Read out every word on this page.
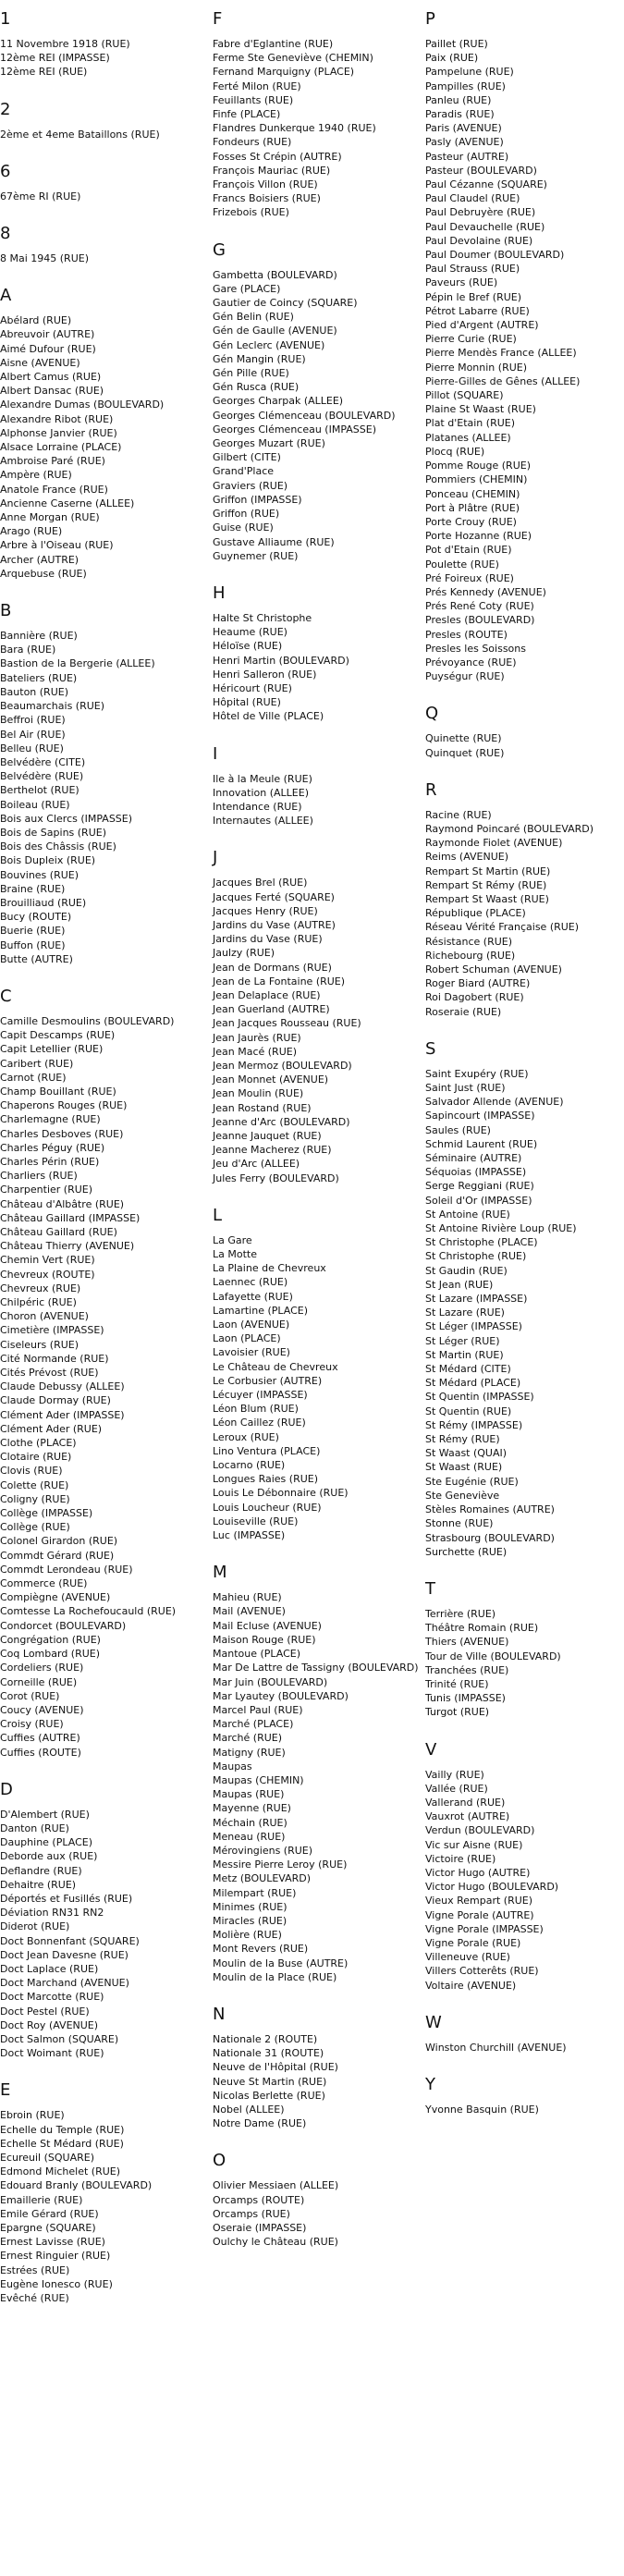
1
11 Novembre 1918 (RUE)
12ème REI (IMPASSE)
12ème REI (RUE)
2
2ème et 4eme Bataillons (RUE)
6
67ème RI (RUE)
8
8 Mai 1945 (RUE)
A
Abélard (RUE)
Abreuvoir (AUTRE)
Aimé Dufour (RUE)
Aisne (AVENUE)
Albert Camus (RUE)
Albert Dansac (RUE)
Alexandre Dumas (BOULEVARD)
Alexandre Ribot (RUE)
Alphonse Janvier (RUE)
Alsace Lorraine (PLACE)
Ambroise Paré (RUE)
Ampère (RUE)
Anatole France (RUE)
Ancienne Caserne (ALLEE)
Anne Morgan (RUE)
Arago (RUE)
Arbre à l'Oiseau (RUE)
Archer (AUTRE)
Arquebuse (RUE)
B
Bannière (RUE)
Bara (RUE)
Bastion de la Bergerie (ALLEE)
Bateliers (RUE)
Bauton (RUE)
Beaumarchais (RUE)
Beffroi (RUE)
Bel Air (RUE)
Belleu (RUE)
Belvédère (CITE)
Belvédère (RUE)
Berthelot (RUE)
Boileau (RUE)
Bois aux Clercs (IMPASSE)
Bois de Sapins (RUE)
Bois des Châssis (RUE)
Bois Dupleix (RUE)
Bouvines (RUE)
Braine (RUE)
Brouilliaud (RUE)
Bucy (ROUTE)
Buerie (RUE)
Buffon (RUE)
Butte (AUTRE)
C
Camille Desmoulins (BOULEVARD)
Capit Descamps (RUE)
Capit Letellier (RUE)
Caribert (RUE)
Carnot (RUE)
Champ Bouillant (RUE)
Chaperons Rouges (RUE)
Charlemagne (RUE)
Charles Desboves (RUE)
Charles Péguy (RUE)
Charles Périn (RUE)
Charliers (RUE)
Charpentier (RUE)
Château d'Albâtre (RUE)
Château Gaillard (IMPASSE)
Château Gaillard (RUE)
Château Thierry (AVENUE)
Chemin Vert (RUE)
Chevreux (ROUTE)
Chevreux (RUE)
Chilpéric (RUE)
Choron (AVENUE)
Cimetière (IMPASSE)
Ciseleurs (RUE)
Cité Normande (RUE)
Cités Prévost (RUE)
Claude Debussy (ALLEE)
Claude Dormay (RUE)
Clément Ader (IMPASSE)
Clément Ader (RUE)
Clothe (PLACE)
Clotaire (RUE)
Clovis (RUE)
Colette (RUE)
Coligny (RUE)
Collège (IMPASSE)
Collège (RUE)
Colonel Girardon (RUE)
Commdt Gérard (RUE)
Commdt Lerondeau (RUE)
Commerce (RUE)
Compiègne (AVENUE)
Comtesse La Rochefoucauld (RUE)
Condorcet (BOULEVARD)
Congrégation (RUE)
Coq Lombard (RUE)
Cordeliers (RUE)
Corneille (RUE)
Corot (RUE)
Coucy (AVENUE)
Croisy (RUE)
Cuffies (AUTRE)
Cuffies (ROUTE)
D
D'Alembert (RUE)
Danton (RUE)
Dauphine (PLACE)
Deborde aux (RUE)
Deflandre (RUE)
Dehaitre (RUE)
Déportés et Fusillés (RUE)
Déviation RN31 RN2
Diderot (RUE)
Doct Bonnenfant (SQUARE)
Doct Jean Davesne (RUE)
Doct Laplace (RUE)
Doct Marchand (AVENUE)
Doct Marcotte (RUE)
Doct Pestel (RUE)
Doct Roy (AVENUE)
Doct Salmon (SQUARE)
Doct Woimant (RUE)
E
Ebroin (RUE)
Echelle du Temple (RUE)
Echelle St Médard (RUE)
Ecureuil (SQUARE)
Edmond Michelet (RUE)
Edouard Branly (BOULEVARD)
Emaillerie (RUE)
Emile Gérard (RUE)
Epargne (SQUARE)
Ernest Lavisse (RUE)
Ernest Ringuier (RUE)
Estrées (RUE)
Eugène Ionesco (RUE)
Evêché (RUE)
F
Fabre d'Eglantine (RUE)
Ferme Ste Geneviève (CHEMIN)
Fernand Marquigny (PLACE)
Ferté Milon (RUE)
Feuillants (RUE)
Finfe (PLACE)
Flandres Dunkerque 1940 (RUE)
Fondeurs (RUE)
Fosses St Crépin (AUTRE)
François Mauriac (RUE)
François Villon (RUE)
Francs Boisiers (RUE)
Frizebois (RUE)
G
Gambetta (BOULEVARD)
Gare (PLACE)
Gautier de Coincy (SQUARE)
Gén Belin (RUE)
Gén de Gaulle (AVENUE)
Gén Leclerc (AVENUE)
Gén Mangin (RUE)
Gén Pille (RUE)
Gén Rusca (RUE)
Georges Charpak (ALLEE)
Georges Clémenceau (BOULEVARD)
Georges Clémenceau (IMPASSE)
Georges Muzart (RUE)
Gilbert (CITE)
Grand'Place
Graviers (RUE)
Griffon (IMPASSE)
Griffon (RUE)
Guise (RUE)
Gustave Alliaume (RUE)
Guynemer (RUE)
H
Halte St Christophe
Heaume (RUE)
Héloïse (RUE)
Henri Martin (BOULEVARD)
Henri Salleron (RUE)
Héricourt (RUE)
Hôpital (RUE)
Hôtel de Ville (PLACE)
I
Ile à la Meule (RUE)
Innovation (ALLEE)
Intendance (RUE)
Internautes (ALLEE)
J
Jacques Brel (RUE)
Jacques Ferté (SQUARE)
Jacques Henry (RUE)
Jardins du Vase (AUTRE)
Jardins du Vase (RUE)
Jaulzy (RUE)
Jean de Dormans (RUE)
Jean de La Fontaine (RUE)
Jean Delaplace (RUE)
Jean Guerland (AUTRE)
Jean Jacques Rousseau (RUE)
Jean Jaurès (RUE)
Jean Macé (RUE)
Jean Mermoz (BOULEVARD)
Jean Monnet (AVENUE)
Jean Moulin (RUE)
Jean Rostand (RUE)
Jeanne d'Arc (BOULEVARD)
Jeanne Jauquet (RUE)
Jeanne Macherez (RUE)
Jeu d'Arc (ALLEE)
Jules Ferry (BOULEVARD)
L
La Gare
La Motte
La Plaine de Chevreux
Laennec (RUE)
Lafayette (RUE)
Lamartine (PLACE)
Laon (AVENUE)
Laon (PLACE)
Lavoisier (RUE)
Le Château de Chevreux
Le Corbusier (AUTRE)
Lécuyer (IMPASSE)
Léon Blum (RUE)
Léon Caillez (RUE)
Leroux (RUE)
Lino Ventura (PLACE)
Locarno (RUE)
Longues Raies (RUE)
Louis Le Débonnaire (RUE)
Louis Loucheur (RUE)
Louiseville (RUE)
Luc (IMPASSE)
M
Mahieu (RUE)
Mail (AVENUE)
Mail Ecluse (AVENUE)
Maison Rouge (RUE)
Mantoue (PLACE)
Mar De Lattre de Tassigny (BOULEVARD)
Mar Juin (BOULEVARD)
Mar Lyautey (BOULEVARD)
Marcel Paul (RUE)
Marché (PLACE)
Marché (RUE)
Matigny (RUE)
Maupas
Maupas (CHEMIN)
Maupas (RUE)
Mayenne (RUE)
Méchain (RUE)
Meneau (RUE)
Mérovingiens (RUE)
Messire Pierre Leroy (RUE)
Metz (BOULEVARD)
Milempart (RUE)
Minimes (RUE)
Miracles (RUE)
Molière (RUE)
Mont Revers (RUE)
Moulin de la Buse (AUTRE)
Moulin de la Place (RUE)
N
Nationale 2 (ROUTE)
Nationale 31 (ROUTE)
Neuve de l'Hôpital (RUE)
Neuve St Martin (RUE)
Nicolas Berlette (RUE)
Nobel (ALLEE)
Notre Dame (RUE)
O
Olivier Messiaen (ALLEE)
Orcamps (ROUTE)
Orcamps (RUE)
Oseraie (IMPASSE)
Oulchy le Château (RUE)
P
Paillet (RUE)
Paix (RUE)
Pampelune (RUE)
Pampilles (RUE)
Panleu (RUE)
Paradis (RUE)
Paris (AVENUE)
Pasly (AVENUE)
Pasteur (AUTRE)
Pasteur (BOULEVARD)
Paul Cézanne (SQUARE)
Paul Claudel (RUE)
Paul Debruyère (RUE)
Paul Devauchelle (RUE)
Paul Devolaine (RUE)
Paul Doumer (BOULEVARD)
Paul Strauss (RUE)
Paveurs (RUE)
Pépin le Bref (RUE)
Pétrot Labarre (RUE)
Pied d'Argent (AUTRE)
Pierre Curie (RUE)
Pierre Mendès France (ALLEE)
Pierre Monnin (RUE)
Pierre-Gilles de Gênes (ALLEE)
Pillot (SQUARE)
Plaine St Waast (RUE)
Plat d'Etain (RUE)
Platanes (ALLEE)
Plocq (RUE)
Pomme Rouge (RUE)
Pommiers (CHEMIN)
Ponceau (CHEMIN)
Port à Plâtre (RUE)
Porte Crouy (RUE)
Porte Hozanne (RUE)
Pot d'Etain (RUE)
Poulette (RUE)
Pré Foireux (RUE)
Prés Kennedy (AVENUE)
Prés René Coty (RUE)
Presles (BOULEVARD)
Presles (ROUTE)
Presles les Soissons
Prévoyance (RUE)
Puységur (RUE)
Q
Quinette (RUE)
Quinquet (RUE)
R
Racine (RUE)
Raymond Poincaré (BOULEVARD)
Raymonde Fiolet (AVENUE)
Reims (AVENUE)
Rempart St Martin (RUE)
Rempart St Rémy (RUE)
Rempart St Waast (RUE)
République (PLACE)
Réseau Vérité Française (RUE)
Résistance (RUE)
Richebourg (RUE)
Robert Schuman (AVENUE)
Roger Biard (AUTRE)
Roi Dagobert (RUE)
Roseraie (RUE)
S
Saint Exupéry (RUE)
Saint Just (RUE)
Salvador Allende (AVENUE)
Sapincourt (IMPASSE)
Saules (RUE)
Schmid Laurent (RUE)
Séminaire (AUTRE)
Séquoias (IMPASSE)
Serge Reggiani (RUE)
Soleil d'Or (IMPASSE)
St Antoine (RUE)
St Antoine Rivière Loup (RUE)
St Christophe (PLACE)
St Christophe (RUE)
St Gaudin (RUE)
St Jean (RUE)
St Lazare (IMPASSE)
St Lazare (RUE)
St Léger (IMPASSE)
St Léger (RUE)
St Martin (RUE)
St Médard (CITE)
St Médard (PLACE)
St Quentin (IMPASSE)
St Quentin (RUE)
St Rémy (IMPASSE)
St Rémy (RUE)
St Waast (QUAI)
St Waast (RUE)
Ste Eugénie (RUE)
Ste Geneviève
Stèles Romaines (AUTRE)
Stonne (RUE)
Strasbourg (BOULEVARD)
Surchette (RUE)
T
Terrière (RUE)
Théâtre Romain (RUE)
Thiers (AVENUE)
Tour de Ville (BOULEVARD)
Tranchées (RUE)
Trinité (RUE)
Tunis (IMPASSE)
Turgot (RUE)
V
Vailly (RUE)
Vallée (RUE)
Vallerand (RUE)
Vauxrot (AUTRE)
Verdun (BOULEVARD)
Vic sur Aisne (RUE)
Victoire (RUE)
Victor Hugo (AUTRE)
Victor Hugo (BOULEVARD)
Vieux Rempart (RUE)
Vigne Porale (AUTRE)
Vigne Porale (IMPASSE)
Vigne Porale (RUE)
Villeneuve (RUE)
Villers Cotterêts (RUE)
Voltaire (AVENUE)
W
Winston Churchill (AVENUE)
Y
Yvonne Basquin (RUE)
